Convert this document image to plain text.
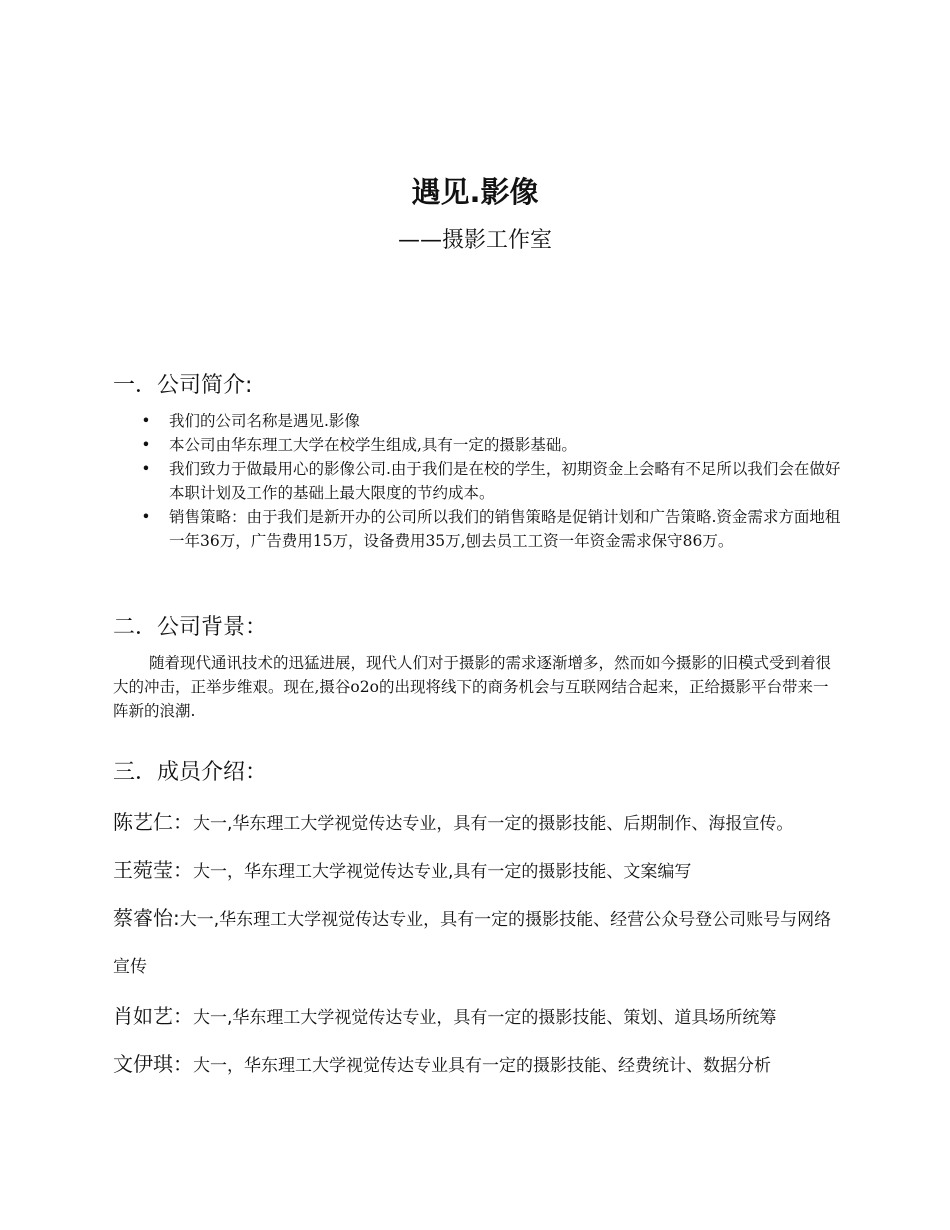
遇见.影像
——摄影工作室
一．公司简介:
• 我们的公司名称是遇见.影像
• 本公司由华东理工大学在校学生组成,具有一定的摄影基础。
• 我们致力于做最用心的影像公司.由于我们是在校的学生，初期资金上会略有不足所以我们会在做好本职计划及工作的基础上最大限度的节约成本。
• 销售策略：由于我们是新开办的公司所以我们的销售策略是促销计划和广告策略.资金需求方面地租一年36万，广告费用15万，设备费用35万,刨去员工工资一年资金需求保守86万。
二．公司背景：

随着现代通讯技术的迅猛进展，现代人们对于摄影的需求逐渐增多，然而如今摄影的旧模式受到着很大的冲击，正举步维艰。现在,摄谷o2o的出现将线下的商务机会与互联网结合起来，正给摄影平台带来一阵新的浪潮.

三．成员介绍：
陈艺仁：大一,华东理工大学视觉传达专业，具有一定的摄影技能、后期制作、海报宣传。
王菀莹：大一，华东理工大学视觉传达专业,具有一定的摄影技能、文案编写
蔡睿怡:大一,华东理工大学视觉传达专业，具有一定的摄影技能、经营公众号登公司账号与网络宣传
肖如艺：大一,华东理工大学视觉传达专业，具有一定的摄影技能、策划、道具场所统筹
文伊琪：大一，华东理工大学视觉传达专业具有一定的摄影技能、经费统计、数据分析
